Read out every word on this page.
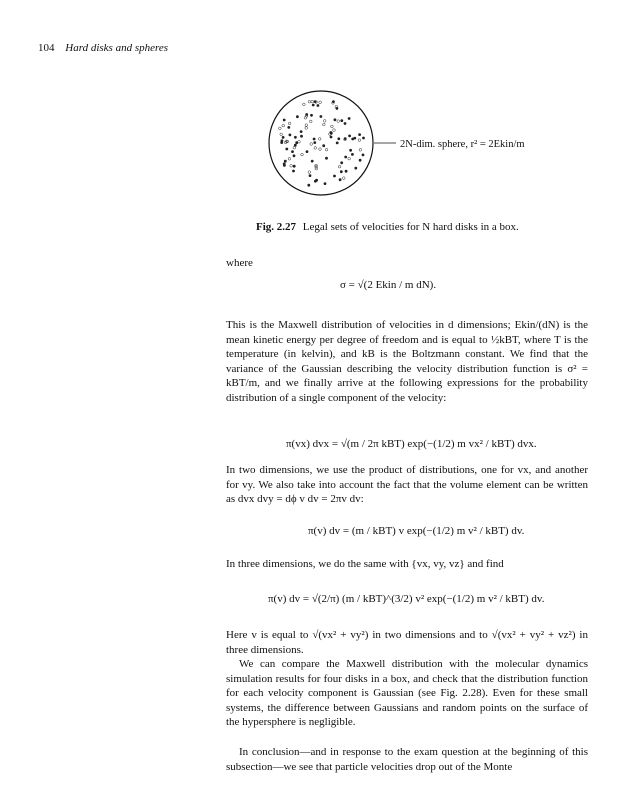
104 Hard disks and spheres
2N-dim. sphere, r² = 2Ekin/m
Fig. 2.27 Legal sets of velocities for N hard disks in a box.
where
σ = √(2 Ekin / m dN).
This is the Maxwell distribution of velocities in d dimensions; Ekin/(dN) is the mean kinetic energy per degree of freedom and is equal to ½kBT, where T is the temperature (in kelvin), and kB is the Boltzmann constant. We find that the variance of the Gaussian describing the velocity distribution function is σ² = kBT/m, and we finally arrive at the following expressions for the probability distribution of a single component of the velocity:
π(vx) dvx = √(m / 2π kBT) exp(−(1/2) m vx² / kBT) dvx.
In two dimensions, we use the product of distributions, one for vx, and another for vy. We also take into account the fact that the volume element can be written as dvx dvy = dϕ v dv = 2πv dv:
π(v) dv = (m / kBT) v exp(−(1/2) m v² / kBT) dv.
In three dimensions, we do the same with {vx, vy, vz} and find
π(v) dv = √(2/π) (m / kBT)^(3/2) v² exp(−(1/2) m v² / kBT) dv.
Here v is equal to √(vx² + vy²) in two dimensions and to √(vx² + vy² + vz²) in three dimensions.
We can compare the Maxwell distribution with the molecular dynamics simulation results for four disks in a box, and check that the distribution function for each velocity component is Gaussian (see Fig. 2.28). Even for these small systems, the difference between Gaussians and random points on the surface of the hypersphere is negligible.
In conclusion—and in response to the exam question at the beginning of this subsection—we see that particle velocities drop out of the Monte
